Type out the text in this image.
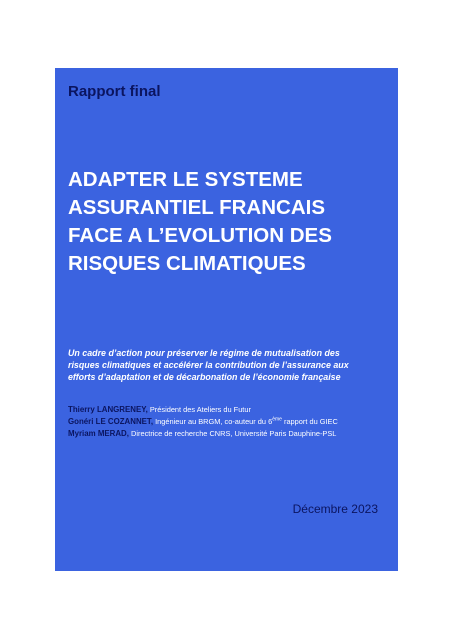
Rapport final

ADAPTER LE SYSTEME
ASSURANTIEL FRANCAIS
FACE A L’EVOLUTION DES
RISQUES CLIMATIQUES

Un cadre d’action pour préserver le régime de mutualisation des
risques climatiques et accélérer la contribution de l’assurance aux
efforts d’adaptation et de décarbonation de l’économie française

Thierry LANGRENEY, Président des Ateliers du Futur
Gonéri LE COZANNET, Ingénieur au BRGM, co-auteur du 6ème rapport du GIEC
Myriam MERAD, Directrice de recherche CNRS, Université Paris Dauphine-PSL

Décembre 2023
